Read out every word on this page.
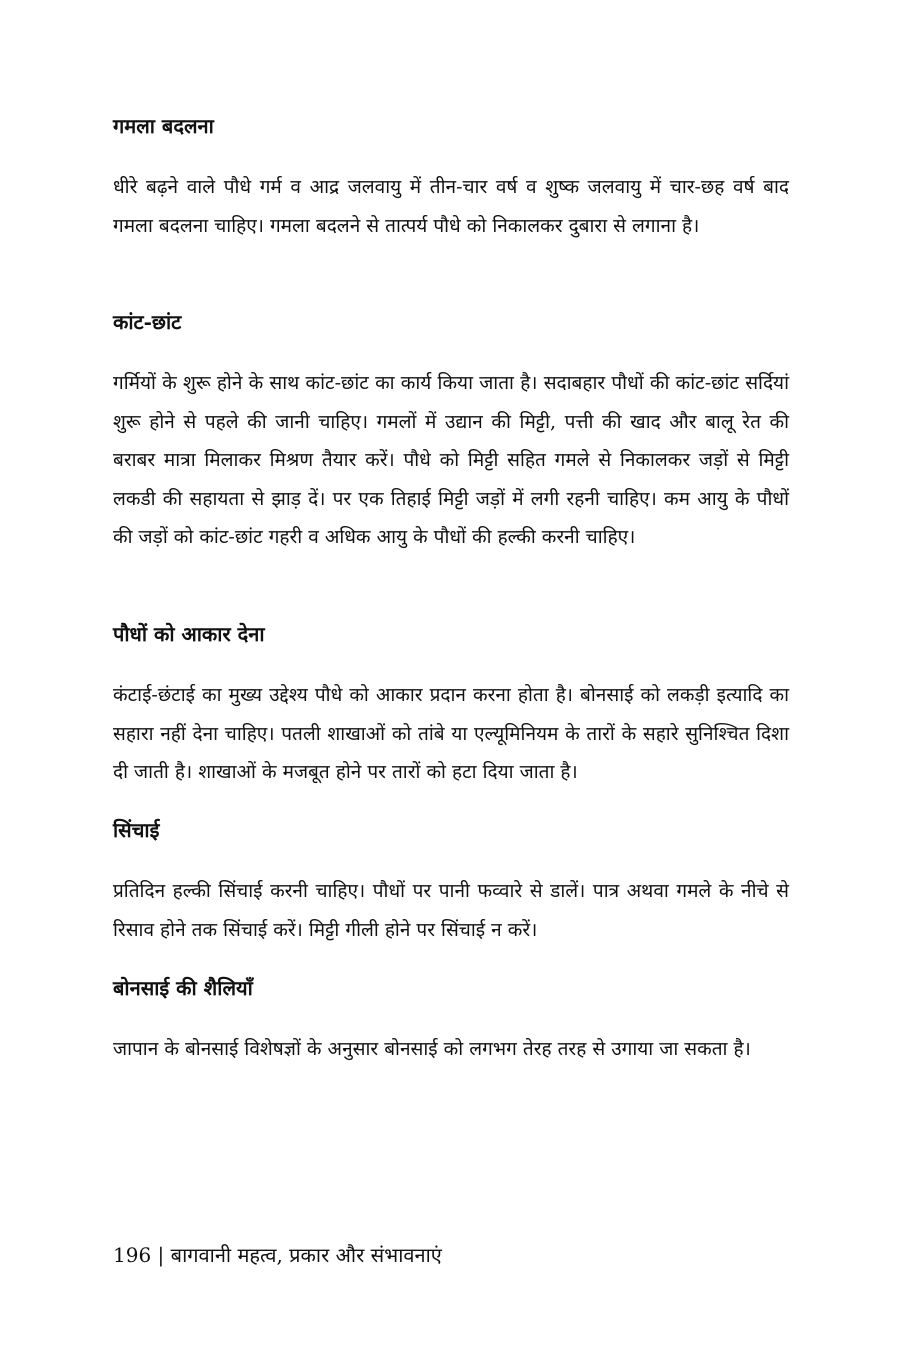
गमला बदलना

धीरे बढ़ने वाले पौधे गर्म व आद्र जलवायु में तीन-चार वर्ष व शुष्क जलवायु में चार-छह वर्ष बाद गमला बदलना चाहिए। गमला बदलने से तात्पर्य पौधे को निकालकर दुबारा से लगाना है।

कांट-छांट

गर्मियों के शुरू होने के साथ कांट-छांट का कार्य किया जाता है। सदाबहार पौधों की कांट-छांट सर्दियां शुरू होने से पहले की जानी चाहिए। गमलों में उद्यान की मिट्टी, पत्ती की खाद और बालू रेत की बराबर मात्रा मिलाकर मिश्रण तैयार करें। पौधे को मिट्टी सहित गमले से निकालकर जड़ों से मिट्टी लकडी की सहायता से झाड़ दें। पर एक तिहाई मिट्टी जड़ों में लगी रहनी चाहिए। कम आयु के पौधों की जड़ों को कांट-छांट गहरी व अधिक आयु के पौधों की हल्की करनी चाहिए।

पौधों को आकार देना

कंटाई-छंटाई का मुख्य उद्देश्य पौधे को आकार प्रदान करना होता है। बोनसाई को लकड़ी इत्यादि का सहारा नहीं देना चाहिए। पतली शाखाओं को तांबे या एल्यूमिनियम के तारों के सहारे सुनिश्चित दिशा दी जाती है। शाखाओं के मजबूत होने पर तारों को हटा दिया जाता है।

सिंचाई

प्रतिदिन हल्की सिंचाई करनी चाहिए। पौधों पर पानी फव्वारे से डालें। पात्र अथवा गमले के नीचे से रिसाव होने तक सिंचाई करें। मिट्टी गीली होने पर सिंचाई न करें।

बोनसाई की शैलियाँ

जापान के बोनसाई विशेषज्ञों के अनुसार बोनसाई को लगभग तेरह तरह से उगाया जा सकता है।

196 | बागवानी महत्व, प्रकार और संभावनाएं
